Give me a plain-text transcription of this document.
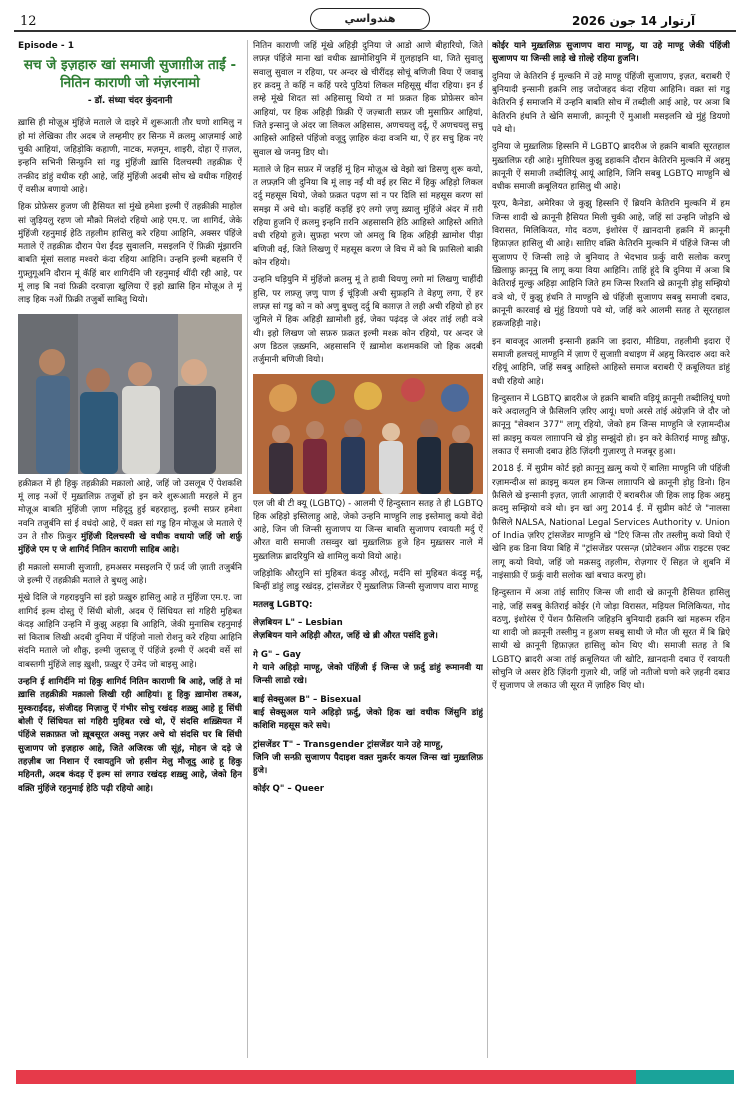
12	هندواسي	آرتوار 14 جون 2026
Episode - 1
सच जे इज़हारु खां समाजी सुजाग़ीअ ताईं - नितिन काराणी जो मंज़रनामो
- डॉ. संध्या चंदर कुंदनानी

ख़ासि ही मोज़ूअ मुंहिंजे मताले जे दाइरे में शुरूआती तौर घणो शामिलु न हो मां लेखिका तीर अदब जे लम्हमीए हर सिन्फ़ में क़लमु आज़माई आहे चुकी आहियां, जहिड़ोकि कहाणी, नाटक, मज़मून, शाइरी, दोहा ऐं ग़ज़ल, इन्हनि सभिनी सिन्फ़ुनि सां गडु मुंहिंजी ख़ासि दिलचस्पी तहक़ीक़ ऐं तन्क़ीद डांहुं वधीक रही आहे, जहिं मुंहिंजी अदबी सोच खे वधीक गहिराई ऐं वसीअ बणायो आहे।

हिक प्रोफ़ेसर हुजण जी हैसियत सां मुंखे हमेशा इल्मी ऐं तहक़ीक़ी माहोल सां जुड़ियलु रहण जो मौक़ो मिलंदो रहियो आहे एम.ए. जा शागिर्द, जेके मुंहिंजी रहनुमाई हेठि तह़लीम हासिलु करे रहिया आहिनि, अक्सर पंहिंजे मताले ऐं तहक़ीक़ दौरान पेश ईंदड़ सुवालनि, मसइलनि ऐं फ़िक्री मूंझारनि बाबति मूंसां सलाह मश्वरो कंदा रहिया आहिनि। उन्हनि इल्मी बहसनि ऐं गुफ़्तुगूअनि दौरान मूं कॅहिं बार शागिर्दनि जी रहनुमाई थींदी रही आहे, पर मूं लाइ बि नवां फ़िक्री दरवाज़ा खुलिया ऐं इहो ख़ासि हिन मोज़ूअ ते मूं लाइ हिक नओं फ़िक्री तजुर्बो साबितु थियो।

हक़ीक़त में ही हिकु तहक़ीक़ी मक़ालो आहे, जहिं जो उसलूब ऐं पेशकशि मूं लाइ नओं ऐं मुख़्तलिफ़ तजुर्बो हो इन करे शुरूआती मरहले में हुन मोज़ूअ बाबति मुंहिंजी ज़ाण महिदूदु हुई बहरहालु, इल्मी सफ़र हमेशा नवनि तजुर्बनि सां ई वधंदो आहे, ऐं वक़्त सां गडु हिन मोज़ूअ जे मताले ऐं उन ते ग़ौरु फ़िकुर मुंहिंजी दिलचस्पी खे वधीक वधायो जहिं जो शर्फ़ु मुंहिंजे एम ए जे शागिर्द नितिन काराणी साहिब आहे।

ही मक़ालो समाजी सुजाग़ी, हमअसर मसइलनि ऐं फ़र्द जी ज़ाती तजुर्बनि जे इल्मी ऐं तहक़ीक़ी मताले ते बुधलु आहे।

मूंखे दिलि जे गहराइयुनि सां इहो फ़ख़ुरु हासिलु आहे त मुंहिंजा एम.ए. जा शागिर्द इल्म दोस्तु ऐं सिंधी बोली, अदब ऐं सिंधियत सां गहिरी मुहिबत कंदड़ आहिनि उन्हनि में कुझु अहड़ा बि आहिनि, जेकी मुनासिब रहनुमाई सां किताब लिखी अदबी दुनिया में पंहिंजो नालो रोशनु करे रहिया आहिनि संदनि मताले जो शौक़ु, इल्मी जुस्तजू ऐं पंहिंजे इल्मी ऐं अदबी वर्से सां वाबस्तगी मुंहिंजे लाइ ख़ुशी, फ़ख़ुर ऐं उमेद जो बाइसु आहे।

उन्हनि ई शागिर्दनि मां हिकु शागिर्द नितिन काराणी बि आहे, जहिं ते मां ख़ासि तहक़ीक़ी मक़ालो लिखी रही आहियां। हू हिकु ख़ामोश तबअ, मुस्कराईंदड़, संजीदह मिज़ाजु ऐं गंभीर सोचु रखंदड़ शख़्सु आहे हू सिंधी बोली ऐं सिंधियत सां गहिरी मुहिबत रखे थो, ऐं संदसि शख़्सियत में पंहिंजे सक़ाफ़त जो ख़ूबसूरत अक्सु नज़र अचे थो संदसि घर बि सिंधी सुजाणप जो इज़हारु आहे, जिते अजिरक जी सूंहं, मोहन जे दड़े जे तहज़ीब जा निशान ऐं रवायतुनि जो हसीन मेलु मौजूदु आहे हू हिकु महिनती, अदब कंदड़ ऐं इल्म सां लगाउ रखंदड़ शख़्सु आहे, जेको हिन वक़्ति मुंहिंजे रहनुमाई हेठि पढ़ी रहियो आहे।

नितिन काराणी जहिं मूंखे अहिड़ी दुनिया जे आडो आणे बीहारियो, जिते लफ़्ज़ पंहिंजे माना खां वधीक ख़ामोशियुनि में ग़ुलहाइनि था, जिते सुवालु सवालु सुवाल न रहिया, पर अन्दर खे चीरींदड़ सोचूं बणिजी विया ऐं जवाबु हर क़दमु ते कहिं न कहिं परदे पुठियां लिकल महिसूसु थींदा रहिया। इन ई लम्हे मूंखे शिदत सां अहिसासु थियो त मां फ़क़त हिक प्रोफ़ेसर कोन आहियां, पर हिक अहिड़ी फ़िक्री ऐं जज़्बाती सफ़र जी मुसाफ़िर आहियां, जिते इन्सानु जे अंदर जा लिकल अहिसास, अणचयलु दर्दू, ऐं अणचयलु सचु आहिस्ते आहिस्ते पंहिंजो वजूदु ज़ाहिरु कंदा वञनि था, ऐं हर सचु हिक नएं सुवाल खे जनमु डिए थो।

मताले जे हिन सफ़र में जड़हिं मूं हिन मोज़ूअ खे वेझो खां डिसणु शुरू कयो, त लफ़्ज़नि जी दुनिया बि मूं लाइ नईं थी वई हर सिट में हिकु अहिड़ो लिकल दर्दु महसूस थियो, जेको फ़क़त पढ़ण सां न पर दिलि सां महसूस करण सां समझ में अचे थो। कड़हिं कड़हिं इएं लगो ज़णु ख़्यालु मुंहिंजे अंदर में ग़री रहिया हुजनि ऐं क़लमु इन्हनि ग़रनि अहसासनि हेठि आहिस्ते आहिस्ते अग़िते वधी रहियो हुजे। सुफ़हा भरण जो अमलु बि हिक अहिड़ी ख़ामोश पीड़ा बणिजी वई, जिते लिखणु ऐं महसूस करण जे विच में को बि फ़ासिलो बाक़ी कोन रहियो।

उन्हनि घड़ियुनि में मुंहिंजो क़लमु मूं ते हावी थियणु लगो मां लिखणु चाहींदी हुसि, पर लफ़्ज़ु ज़णु पाण ई चूंड़िजी अची सुफ़हनि ते वेहणु लगा, ऐं हर लफ़्ज़ सां गडु को न को अणु बुधलु दर्दु बि काग़ज़ ते लही अची रहियो हो हर जुमिले में हिक अहिड़ी ख़ामोशी हुई, जेका पढ़ंदड़ जे अंदर तांई लही वञे थी। इहो लिखण जो सफ़रु फ़क़त इल्मी मश्क़ कोन रहियो, पर अन्दर जे अण डिठल ज़ख़्मनि, अहसासनि ऐं ख़ामोश कशमकशि जो हिक अदबी तर्जुमानी बणिजी वियो।

एल जी बी टी क्यू (LGBTQ) - आलमी ऐं हिन्दुस्तान सतह ते ही LGBTQ हिक अहिड़ो इस्तिलाहु आहे, जेको उन्हनि माण्हुनि लाइ इस्तेमालु कयो वेंदो आहे, जिन जी जिन्सी सुजाणप या जिन्स बाबति सुजाणप रवायती मर्दु ऐं औरत वारी समाजी तसव्वुर खां मुख़्तलिफ़ हुजे हिन मुख़्तसर नाले में मुख़्तलिफ़ ब्रादरियुनि खे शामिलु कयो वियो आहे।

जहिड़ोकि औरतुनि सां मुहिबत कंदड़ु औरतूं, मर्दनि सां मुहिबत कंदड़ु मर्दू, बिन्हीं डांहुं लाडु रखंदड़, ट्रांसजेंडर ऐं मुख़्तलिफ़ जिन्सी सुजाणप वारा माण्हू

मतलबु LGBTQ:

लेज़बियन L" – Lesbian
लेज़बियन याने अहिड़ी औरत, जहिं खे ब्री औरत पसंदि हुजे।

गे G" – Gay
गे याने अहिड़ो माण्हू, जेको पंहिंजी ई जिन्स जे फ़र्दु डांहुं रूमानवी या जिन्सी लाडो रखे।

बाई सेक्सुअल B" – Bisexual
बाई सेक्सुअल याने अहिड़ो फ़र्दु, जेको हिक खां वधीक जिंसुनि डांहुं कशिशि महसूस करे सघे।

ट्रांसजेंडर T" – Transgender ट्रांसजेंडर याने उहे माण्हू,
जिनि जी सन्फ़ी सुजाणप पैदाइश वक़्त मुक़र्रर कयल जिन्स खां मुख़्तलिफ़ हुजे।

कोईर Q" – Queer

कोईर याने मुख़्तलिफ़ सुजाणप वारा माण्हू, या उहे माण्हू जेकी पंहिंजी सुजाणप या जिन्सी लाड़े खे ग़ोल्हे रहिया हुजनि।

दुनिया जे केतिरनि ई मुल्कनि में उहे माण्हू पंहिंजी सुजाणप, इज़त, बराबरी ऐं बुनियादी इन्सानी हक़नि लाइ जदोजहद कंदा रहिया आहिनि। वक़्त सां गडु केतिरनि ई समाजनि में उन्हनि बाबति सोच में तब्दीली आई आहे, पर अञा बि केतिरनि हंधनि ते खेनि समाजी, क़ानूनी ऐं मुआशी मसइलनि खे मुंहुं डियणो पवे थो।

दुनिया जे मुख़्तलिफ़ हिस्सनि में LGBTQ ब्रादरीअ जे हक़नि बाबति सूरतहाल मुख़्तलिफ़ रही आहे। मुग़िरियल कुझु डहाकनि दौरान केतिरनि मुल्कनि में अहमु क़ानूनी ऐं समाजी तब्दीलियूं आयूं आहिनि, जिनि सबबु LGBTQ माण्हुनि खे वधीक समाजी क़बूलियत हासिलु थी आहे।

यूरप, कैनेडा, अमेरिका जे कुझु हिस्सनि ऐं ब्रियनि केतिरनि मुल्कनि में हम जिन्स शादी खे क़ानूनी हैसियत मिली चुकी आहे, जहिं सां उन्हनि जोड़नि खे विरासत, मिलिकियत, गोद वठण, इंशोरंस ऐं ख़ानदानी हक़नि में क़ानूनी हिफ़ाज़त हासिलु थी आहे। साग़िए वक़्ति केतिरनि मुल्कनि में पंहिंजे जिन्स जी सुजाणप ऐं जिन्सी लाड़े जे बुनियाद ते भेदभाव फ़र्कु वारी सलोक करणु ख़िलाफ़ु क़ानूनु बि लागू कया विया आहिनि। ताहिं हूंदे बि दुनिया में अञा बि केतिराई मुल्कु अहिड़ा आहिनि जिते हम जिन्स रिश्तनि खे क़ानूनी ड़ोहु सम्झियो वञे थो, ऐं कुझु हंधनि ते माण्हुनि खे पंहिंजी सुजाणप सबबु समाजी दबाउ, क़ानूनी कारवाई खे मुंहुं डियणो पवे थो, जहिं करे आलमी सतह ते सूरतहाल हक़जहिड़ी नाहे।

इन बावजूद आलमी इन्सानी हक़नि जा इदारा, मीडिया, तहलीमी इदारा ऐं समाजी हलचलूं माण्हुनि में ज़ाण ऐं सुजाग़ी वधाइण में अहमु किरदारु अदा करे रहियूं आहिनि, जहिं सबबु आहिस्ते आहिस्ते समाज बराबरी ऐं क़बूलियत डांहुं वधी रहियो आहे।

हिन्दुस्तान में LGBTQ ब्रादरीअ जे हक़नि बाबति वड़ियूं क़ानूनी तब्दीलियूं घणो करे अदालतुनि जे फ़ैसिलनि ज़रिए आयूं। घणो अरसे तांई अंग्रेज़नि जे दौर जो क़ानूनु "सेक्शन 377" लागू रहियो, जेको हम जिन्स माण्हुनि जे रज़ामन्दीअ सां क़ाइमु कयल लाग़ापनि खे ड़ोहु सम्झुंदो हो। इन करे केतिराई माण्हू ख़ौफ़ु, लकाउ ऐं समाजी दबाउ हेठि ज़िंदगी गुज़ारणु ते मजबूर हुआ।

2018 ई. में सुप्रीम कोर्ट इहो क़ानूनु ख़त्मु कयो ऐं बालिग़ माण्हुनि जी पंहिंजी रज़ामन्दीअ सां क़ाइमु कयल हम जिन्स लाग़ापनि खे क़ानूनी ड़ोहु डिनो। हिन फ़ैसिले खे इन्सानी इज़त, ज़ाती आज़ादी ऐं बराबरीअ जी हिक लाइ हिक अहमु क़दमु सम्झियो वञे थो। इन खां अगु 2014 ई. में सुप्रीम कोर्ट जे "नालसा फ़ैसिले NALSA, National Legal Services Authority v. Union of India ज़रिए ट्रांसजेंडर माण्हुनि खे "टिएं जिन्स तौर तस्लीमु कयो वियो ऐं खेनि हक डिना विया बिहि में "ट्रांसजेंडर परसन्ज़ (प्रोटेक्शन ऑफ़ राइटस एक्ट लागू कयो वियो, जहिं जो मक़सदु तह़लीम, रोज़गार ऐं सिहत जे शुबनि में नाइंसाफ़ी ऐं फ़र्कु वारी सलोक खां बचाउ करणु हो।

हिन्दुस्तान में अञा तांई साग़िए जिन्स जी शादी खे क़ानूनी हैसियत हासिलु नाहे, जहिं सबबु केतिराई कोईर (गे जोड़ा विरासत, मड़ियल मिलिकियत, गोद वठणु, इंशोरंस ऐं पेंशन फ़ैसिलनि जहिड़नि बुनियादी हक़नि खां महरूम रहिन था शादी जो क़ानूनी तस्लीमु न हुअण सबबु साथी जे मौत जी सूरत में बि ब्रिऐ साथी खे क़ानूनी हिफ़ाज़त हासिलु कोन थिए थी। समाजी सतह ते बि LGBTQ ब्रादरी अञा तांई क़बूलियत जी खोटि, ख़ानदानी दबाउ ऐं रवायती सोचुनि जे असर हेठि ज़िंदगी गुज़ारे थी, जहिं जो नतीजो घणो करे ज़हनी दबाउ ऐं सुजाणप जे लकाउ जी सूरत में ज़ाहिरु थिए थो।
